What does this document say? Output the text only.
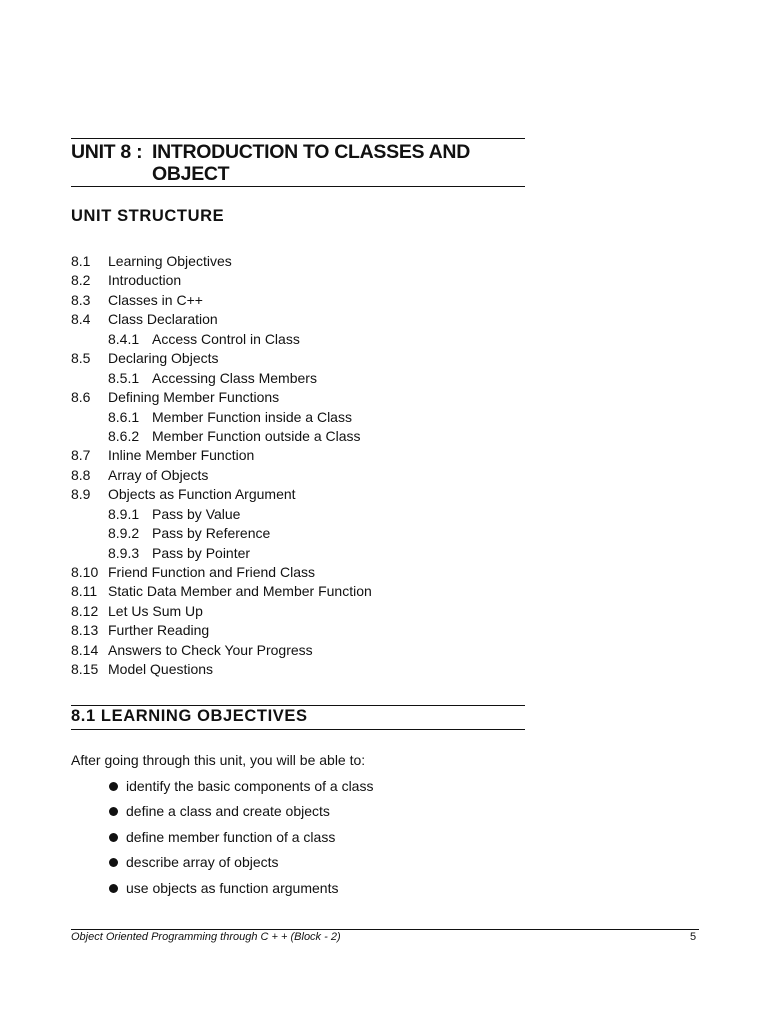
UNIT 8 : INTRODUCTION TO CLASSES AND
OBJECT
UNIT STRUCTURE
8.1 Learning Objectives
8.2 Introduction
8.3 Classes in C++
8.4 Class Declaration
8.4.1 Access Control in Class
8.5 Declaring Objects
8.5.1 Accessing Class Members
8.6 Defining Member Functions
8.6.1 Member Function inside a Class
8.6.2 Member Function outside a Class
8.7 Inline Member Function
8.8 Array of Objects
8.9 Objects as Function Argument
8.9.1 Pass by Value
8.9.2 Pass by Reference
8.9.3 Pass by Pointer
8.10 Friend Function and Friend Class
8.11 Static Data Member and Member Function
8.12 Let Us Sum Up
8.13 Further Reading
8.14 Answers to Check Your Progress
8.15 Model Questions
8.1 LEARNING OBJECTIVES
After going through this unit, you will be able to:
identify the basic components of a class
define a class and create objects
define member function of a class
describe array of objects
use objects as function arguments
Object Oriented Programming through C + + (Block - 2)	5
